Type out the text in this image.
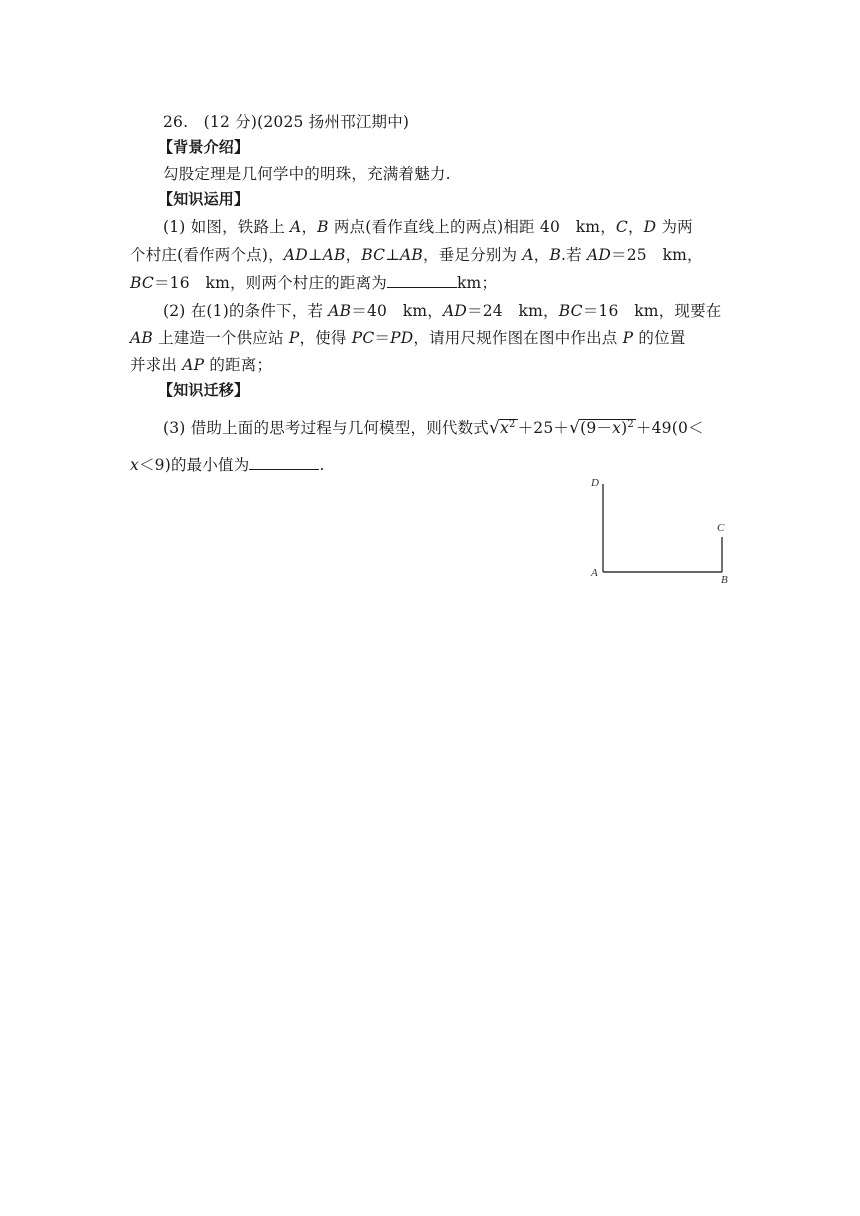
26. (12 分)(2025 扬州邗江期中)
【背景介绍】
勾股定理是几何学中的明珠，充满着魅力.
【知识运用】
(1) 如图，铁路上 A，B 两点(看作直线上的两点)相距 40　km，C，D 为两
个村庄(看作两个点)，AD⊥AB，BC⊥AB，垂足分别为 A，B.若 AD＝25　km，
BC＝16　km，则两个村庄的距离为	km；
(2) 在(1)的条件下，若 AB＝40　km，AD＝24　km，BC＝16　km，现要在
AB 上建造一个供应站 P，使得 PC＝PD，请用尺规作图在图中作出点 P 的位置
并求出 AP 的距离；
【知识迁移】
(3) 借助上面的思考过程与几何模型，则代数式$√x^2 +25+√(9-x)^2 +49(0<$
x＜9)的最小值为	.
D
C
A
B
